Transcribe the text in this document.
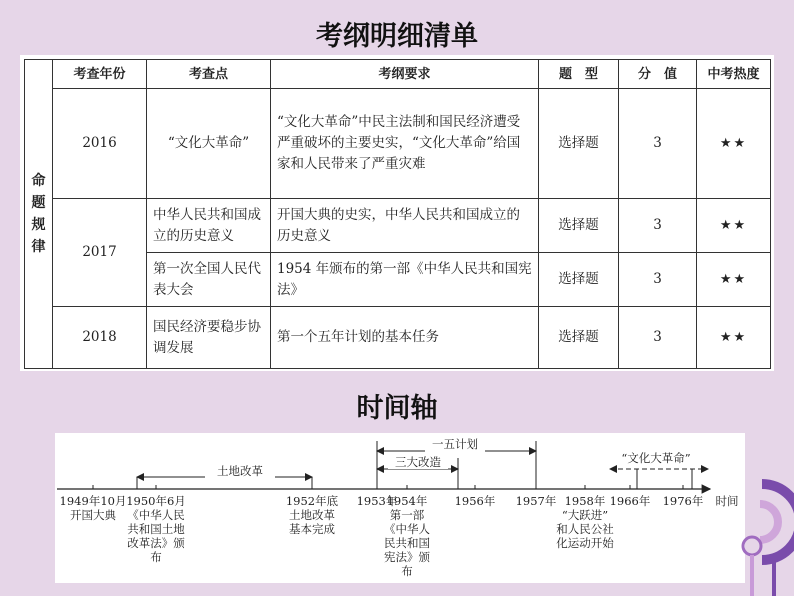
考纲明细清单
命
题
规
律	考查年份	考查点	考纲要求	题　型	分　值	中考热度
	2016	“文化大革命”	“文化大革命”中民主法制和国民经济遭受严重破坏的主要史实，“文化大革命”给国家和人民带来了严重灾难	选择题	3	★★
	2017	中华人民共和国成立的历史意义	开国大典的史实，中华人民共和国成立的历史意义	选择题	3	★★
		第一次全国人民代表大会	1954 年颁布的第一部《中华人民共和国宪法》	选择题	3	★★
	2018	国民经济要稳步协调发展	第一个五年计划的基本任务	选择题	3	★★
时间轴
土地改革
一五计划
三大改造	“文化大革命”
1949年10月
开国大典
1950年6月
《中华人民
共和国土地
改革法》颁
布
1952年底
土地改革
基本完成
1953年
1954年
第一部
《中华人
民共和国
宪法》颁
布
1956年 1957年 1958年
“大跃进”
和人民公社
化运动开始
1966年 1976年 时间
